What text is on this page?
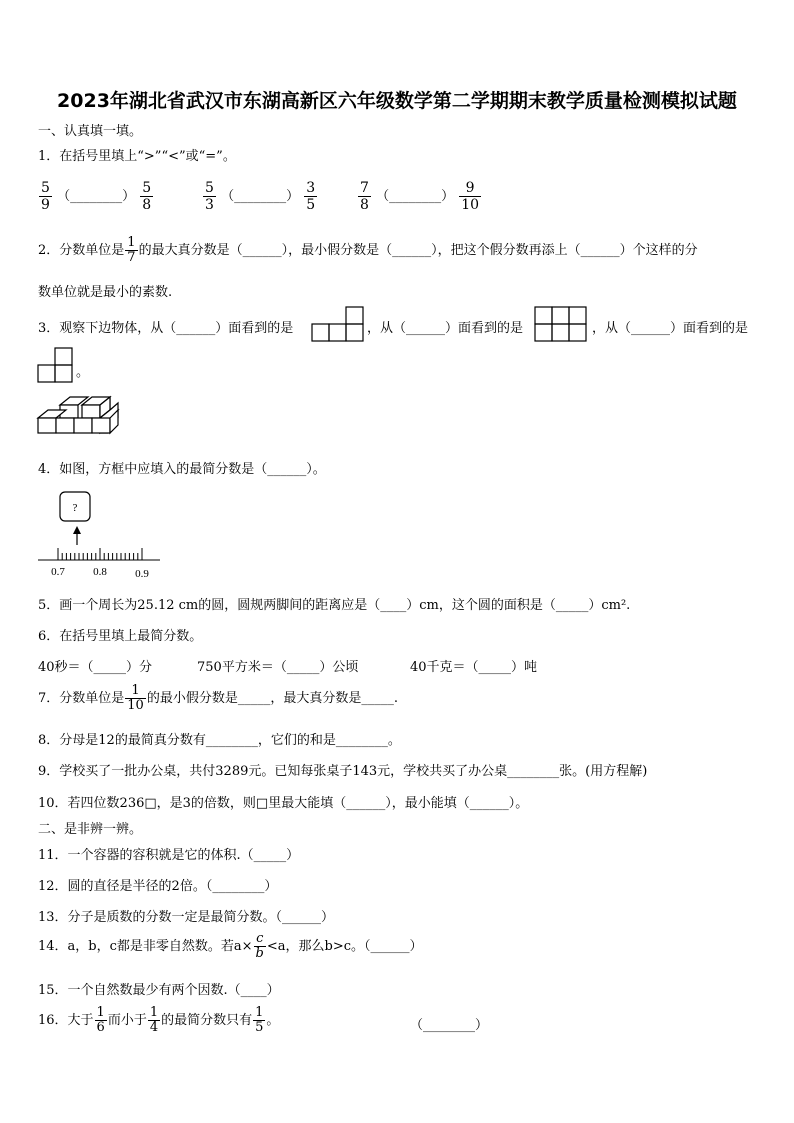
2023年湖北省武汉市东湖高新区六年级数学第二学期期末教学质量检测模拟试题
一、认真填一填。
1．在括号里填上“>”“<”或“=”。
$\frac{5}{9}$ （________） $\frac{5}{8}$	$\frac{5}{3}$ （________） $\frac{3}{5}$	$\frac{7}{8}$ （________） $\frac{9}{10}$
2．分数单位是 $\frac{1}{7}$ 的最大真分数是（______），最小假分数是（______），把这个假分数再添上（______）个这样的分
数单位就是最小的素数.
3．观察下边物体，从（______）面看到的是	，从（______）面看到的是	，从（______）面看到的是
。
4．如图，方框中应填入的最简分数是（______）。
?
0.7	0.8	0.9
5．画一个周长为25.12 cm的圆，圆规两脚间的距离应是（____）cm，这个圆的面积是（_____）cm².
6．在括号里填上最简分数。
40秒＝（_____）分	750平方米＝（_____）公顷	40千克＝（_____）吨
7．分数单位是 $\frac{1}{10}$ 的最小假分数是_____，最大真分数是_____.
8．分母是12的最简真分数有________，它们的和是________。
9．学校买了一批办公桌，共付3289元。已知每张桌子143元，学校共买了办公桌________张。(用方程解)
10．若四位数236□，是3的倍数，则□里最大能填（______），最小能填（______）。
二、是非辨一辨。
11．一个容器的容积就是它的体积.（_____）
12．圆的直径是半径的2倍。（________）
13．分子是质数的分数一定是最简分数。（______）
14．a，b，c都是非零自然数。若$a\times \frac{c}{b} <a$，那么b>c。（______）
15．一个自然数最少有两个因数.（____）
16．大于 $\frac{1}{6}$ 而小于 $\frac{1}{4}$ 的最简分数只有 $\frac{1}{5}$ 。	（________）
